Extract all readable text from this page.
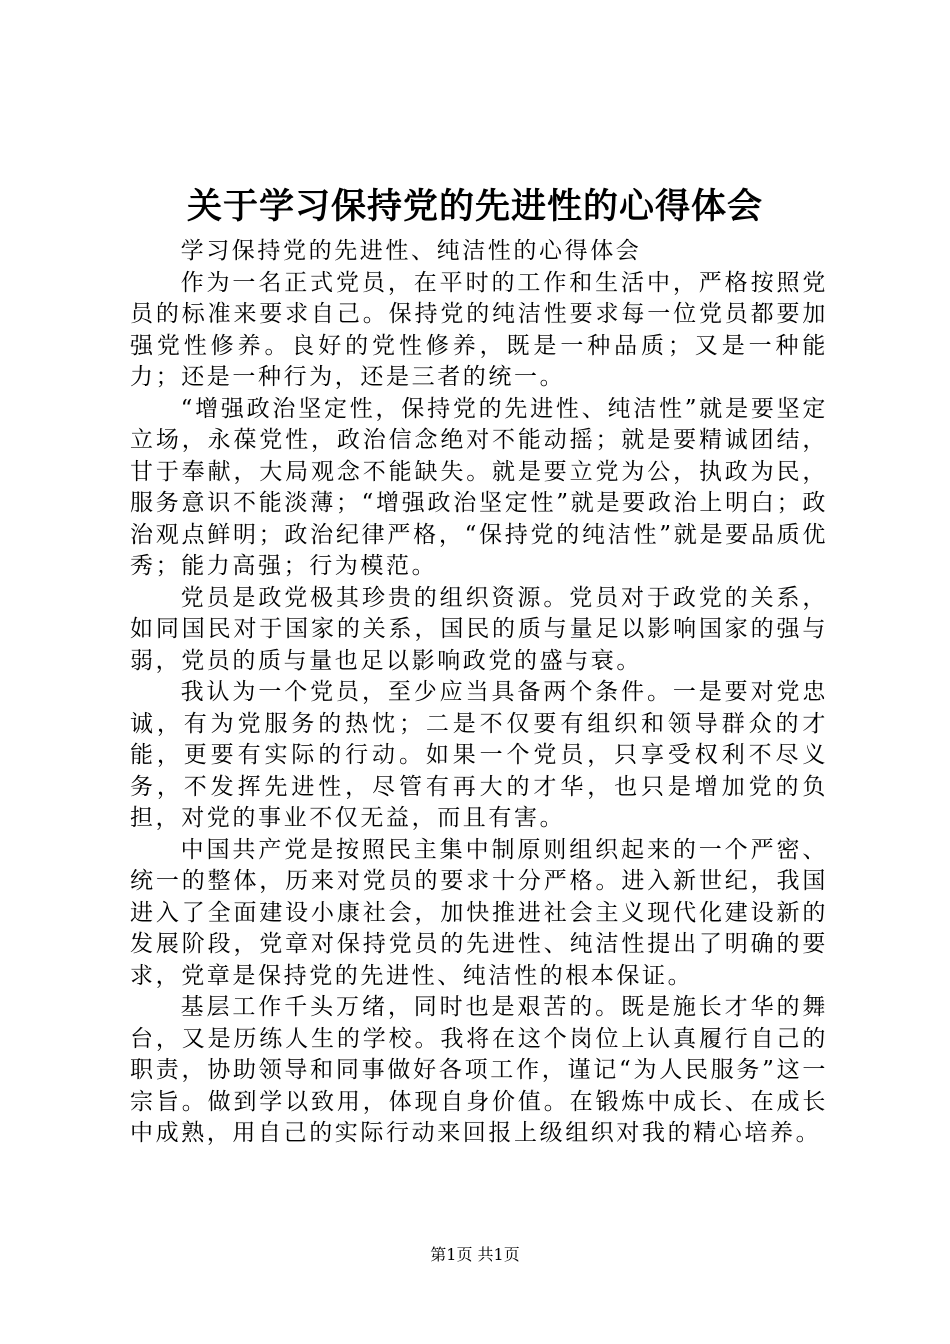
关于学习保持党的先进性的心得体会

学习保持党的先进性、纯洁性的心得体会

作为一名正式党员，在平时的工作和生活中，严格按照党员的标准来要求自己。保持党的纯洁性要求每一位党员都要加强党性修养。良好的党性修养，既是一种品质；又是一种能力；还是一种行为，还是三者的统一。

“增强政治坚定性，保持党的先进性、纯洁性”就是要坚定立场，永葆党性，政治信念绝对不能动摇；就是要精诚团结，甘于奉献，大局观念不能缺失。就是要立党为公，执政为民，服务意识不能淡薄；“增强政治坚定性”就是要政治上明白；政治观点鲜明；政治纪律严格，“保持党的纯洁性”就是要品质优秀；能力高强；行为模范。

党员是政党极其珍贵的组织资源。党员对于政党的关系，如同国民对于国家的关系，国民的质与量足以影响国家的强与弱，党员的质与量也足以影响政党的盛与衰。

我认为一个党员，至少应当具备两个条件。一是要对党忠诚，有为党服务的热忱；二是不仅要有组织和领导群众的才能，更要有实际的行动。如果一个党员，只享受权利不尽义务，不发挥先进性，尽管有再大的才华，也只是增加党的负担，对党的事业不仅无益，而且有害。

中国共产党是按照民主集中制原则组织起来的一个严密、统一的整体，历来对党员的要求十分严格。进入新世纪，我国进入了全面建设小康社会，加快推进社会主义现代化建设新的发展阶段，党章对保持党员的先进性、纯洁性提出了明确的要求，党章是保持党的先进性、纯洁性的根本保证。

基层工作千头万绪，同时也是艰苦的。既是施长才华的舞台，又是历练人生的学校。我将在这个岗位上认真履行自己的职责，协助领导和同事做好各项工作，谨记“为人民服务”这一宗旨。做到学以致用，体现自身价值。在锻炼中成长、在成长中成熟，用自己的实际行动来回报上级组织对我的精心培养。

第1页 共1页
